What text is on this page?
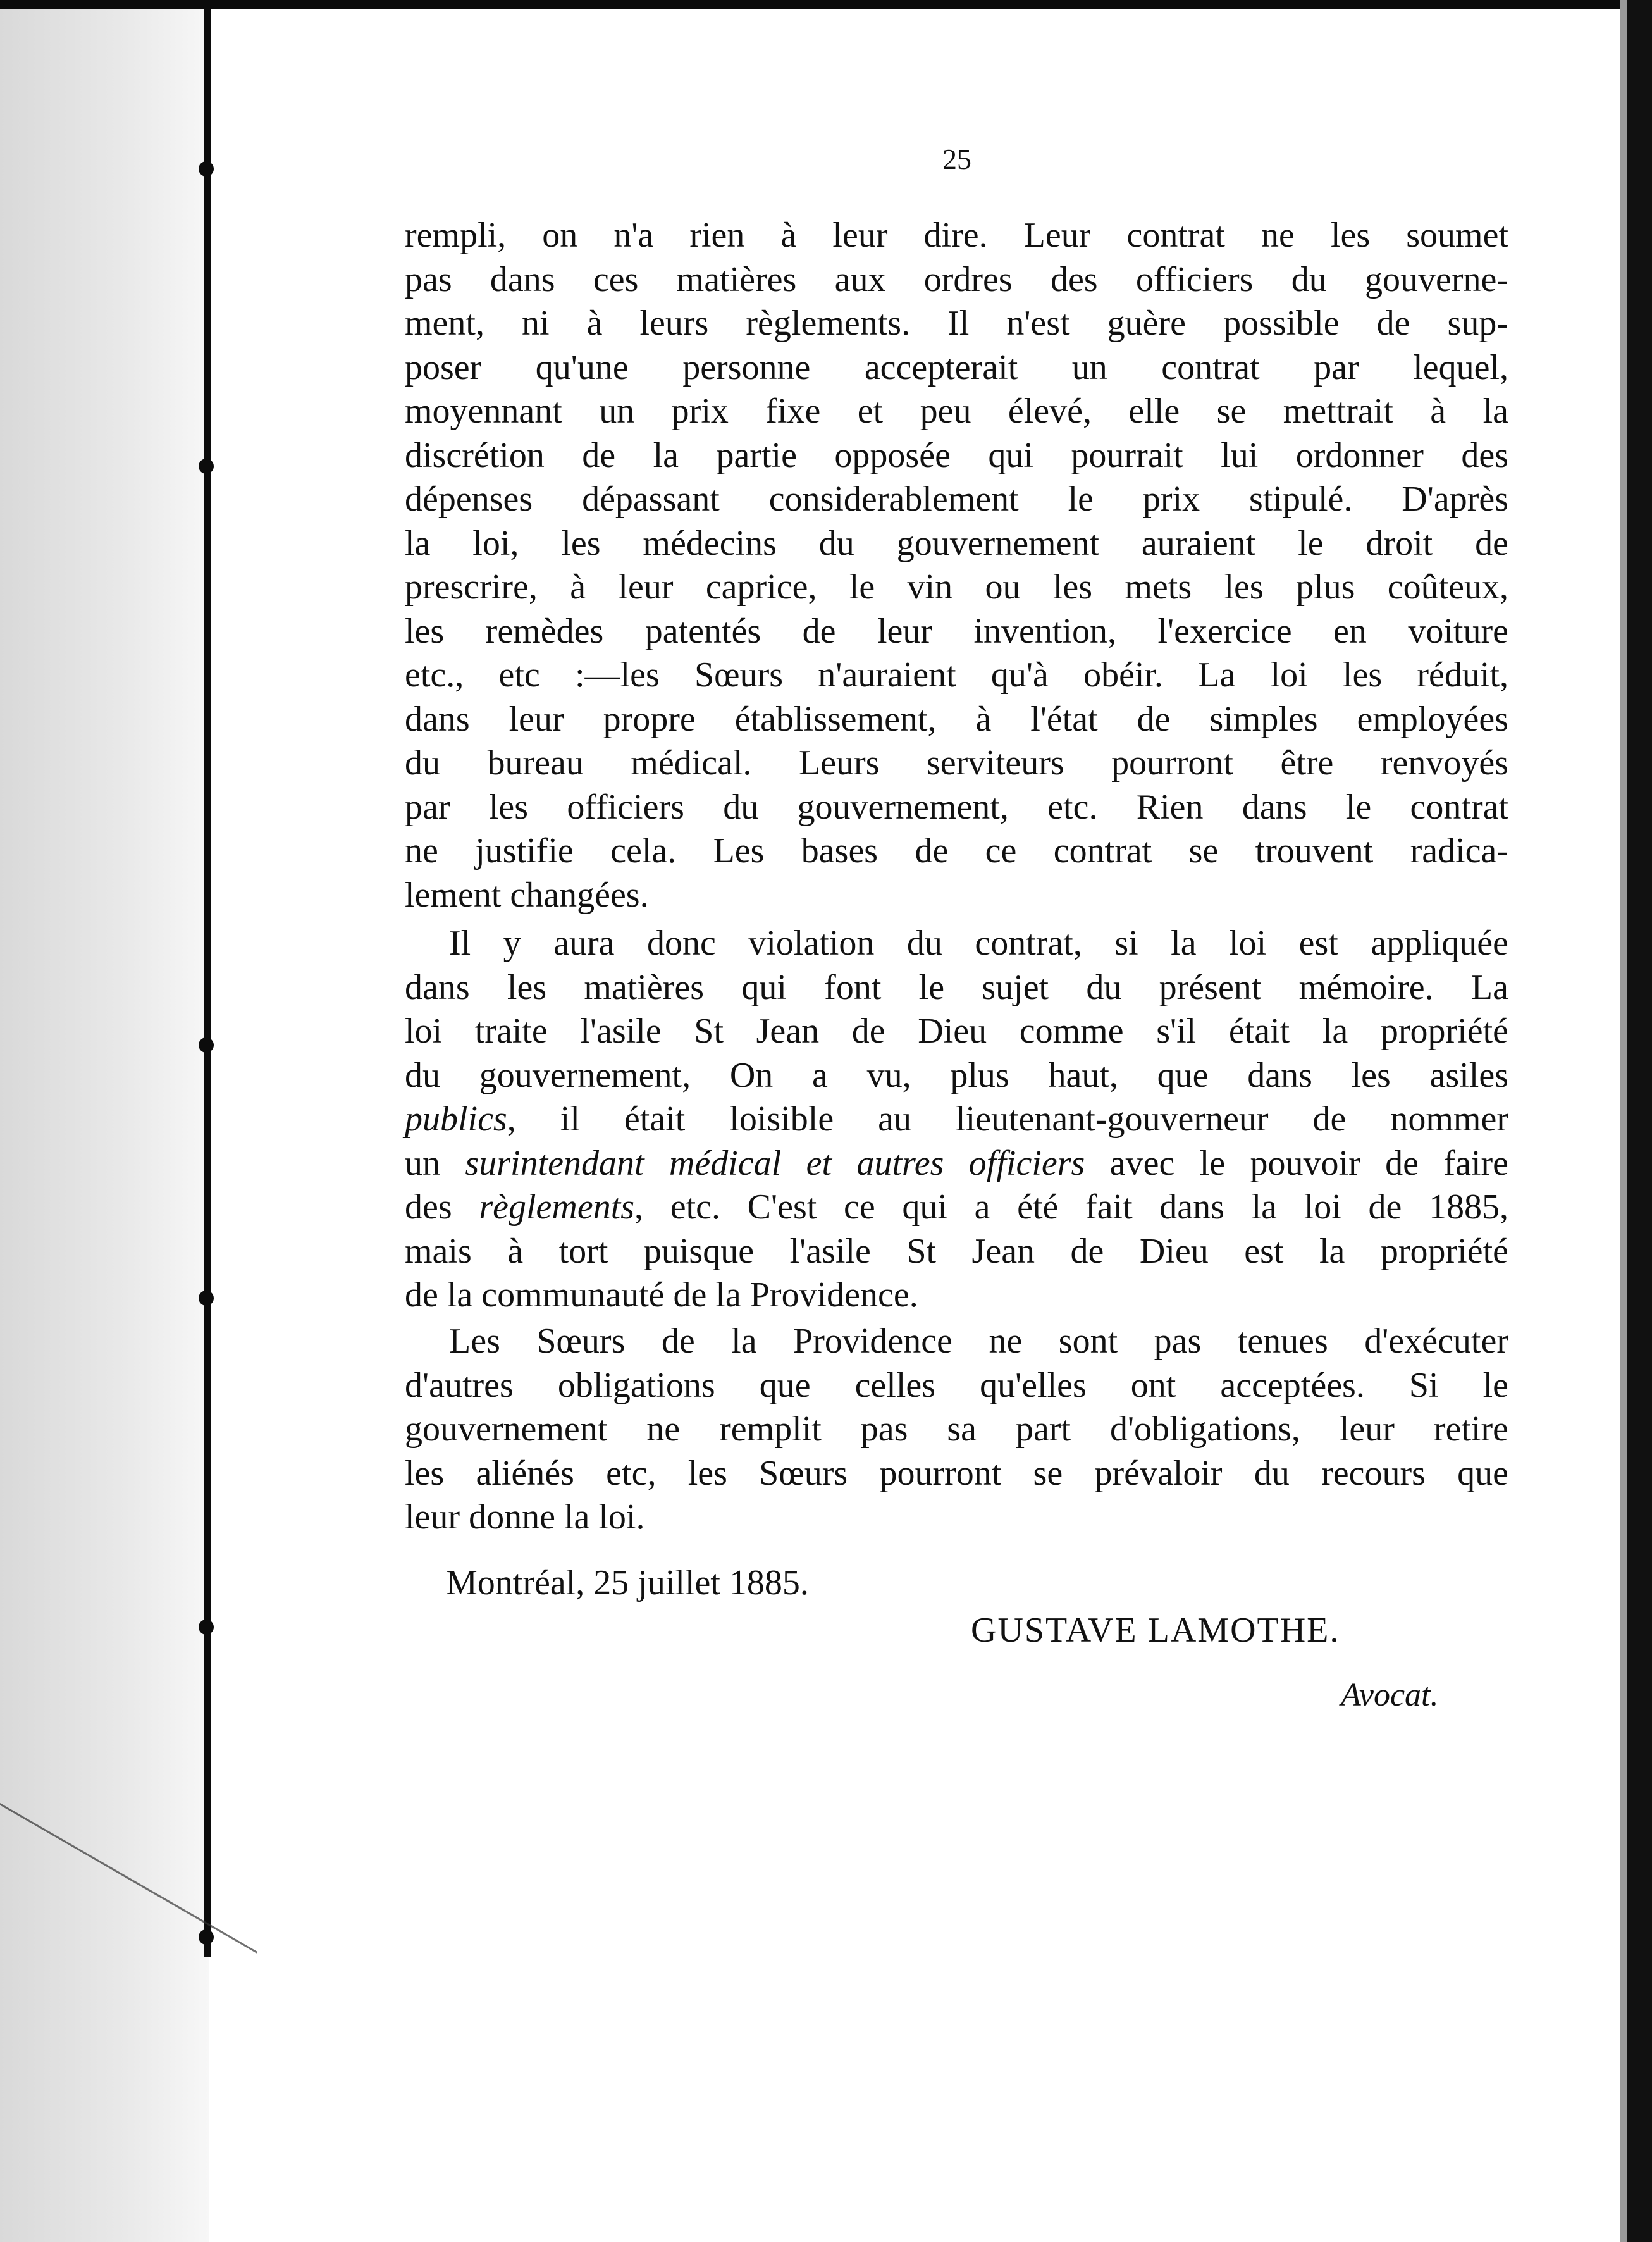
25
rempli, on n'a rien à leur dire. Leur contrat ne les soumet
pas dans ces matières aux ordres des officiers du gouverne-
ment, ni à leurs règlements. Il n'est guère possible de sup-
poser qu'une personne accepterait un contrat par lequel,
moyennant un prix fixe et peu élevé, elle se mettrait à la
discrétion de la partie opposée qui pourrait lui ordonner des
dépenses dépassant considerablement le prix stipulé. D'après
la loi, les médecins du gouvernement auraient le droit de
prescrire, à leur caprice, le vin ou les mets les plus coûteux,
les remèdes patentés de leur invention, l'exercice en voiture
etc., etc :—les Sœurs n'auraient qu'à obéir. La loi les réduit,
dans leur propre établissement, à l'état de simples employées
du bureau médical. Leurs serviteurs pourront être renvoyés
par les officiers du gouvernement, etc. Rien dans le contrat
ne justifie cela. Les bases de ce contrat se trouvent radica-
lement changées.
Il y aura donc violation du contrat, si la loi est appliquée
dans les matières qui font le sujet du présent mémoire. La
loi traite l'asile St Jean de Dieu comme s'il était la propriété
du gouvernement, On a vu, plus haut, que dans les asiles
publics, il était loisible au lieutenant-gouverneur de nommer
un surintendant médical et autres officiers avec le pouvoir de faire
des règlements, etc. C'est ce qui a été fait dans la loi de 1885,
mais à tort puisque l'asile St Jean de Dieu est la propriété
de la communauté de la Providence.
Les Sœurs de la Providence ne sont pas tenues d'exécuter
d'autres obligations que celles qu'elles ont acceptées. Si le
gouvernement ne remplit pas sa part d'obligations, leur retire
les aliénés etc, les Sœurs pourront se prévaloir du recours que
leur donne la loi.
Montréal, 25 juillet 1885.
GUSTAVE LAMOTHE.
Avocat.
